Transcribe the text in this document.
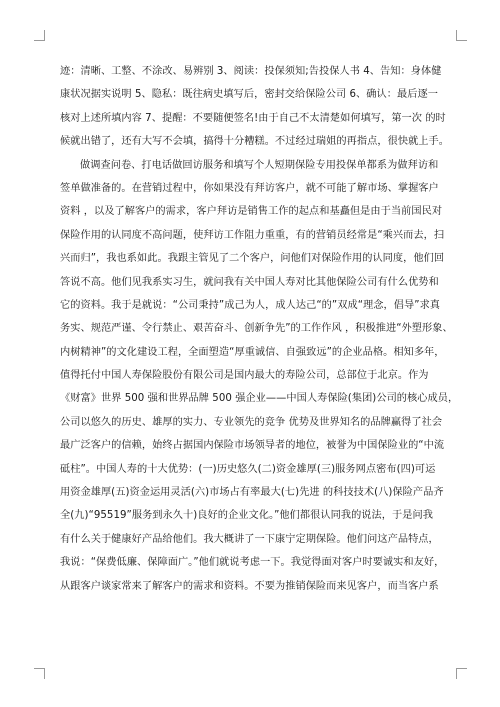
迹：清晰、工整、不涂改、易辨别 3、阅读：投保须知;告投保人书 4、告知：身体健
康状况据实说明 5、隐私：既往病史填写后，密封交给保险公司 6、确认：最后逐一
核对上述所填内容 7、提醒：不要随便签名!由于自己不太清楚如何填写，第一次 的时
候就出错了，还有大写不会填，搞得十分糟糕。不过经过瑞姐的再指点，很快就上手。
做调查问卷、打电话做回访服务和填写个人短期保险专用投保单都系为做拜访和
签单做准备的。在营销过程中，你如果没有拜访客户，就不可能了解市场、掌握客户
资料 ，以及了解客户的需求，客户拜访是销售工作的起点和基矗但是由于当前国民对
保险作用的认同度不高问题，使拜访工作阻力重重，有的营销员经常是“乘兴而去，扫
兴而归”，我也系如此。我跟主管见了二个客户，问他们对保险作用的认同度，他们回
答说不高。他们见我系实习生，就问我有关中国人寿对比其他保险公司有什么优势和
它的资料。我于是就说：“公司秉持”成己为人，成人达己“的”双成“理念，倡导”求真
务实、规范严谨、令行禁止、艰苦奋斗、创新争先”的工作作风 ，积极推进“外塑形象、
内树精神”的文化建设工程，全面塑造“厚重诚信、自强致远”的企业品格。相知多年，
值得托付中国人寿保险股份有限公司是国内最大的寿险公司，总部位于北京。作为
《财富》世界 500 强和世界品牌 500 强企业——中国人寿保险(集团)公司的核心成员，
公司以悠久的历史、雄厚的实力、专业领先的竞争 优势及世界知名的品牌赢得了社会
最广泛客户的信赖，始终占据国内保险市场领导者的地位，被誉为中国保险业的“中流
砥柱”。中国人寿的十大优势：(一)历史悠久(二)资金雄厚(三)服务网点密布(四)可运
用资金雄厚(五)资金运用灵活(六)市场占有率最大(七)先进 的科技技术(八)保险产品齐
全(九)“95519”服务到永久十)良好的企业文化。”他们都很认同我的说法，于是问我
有什么关于健康好产品给他们。我大概讲了一下康宁定期保险。他们问这产品特点，
我说：“保费低廉、保障面广。”他们就说考虑一下。我觉得面对客户时要诚实和友好，
从跟客户谈家常来了解客户的需求和资料。不要为推销保险而来见客户，而当客户系
